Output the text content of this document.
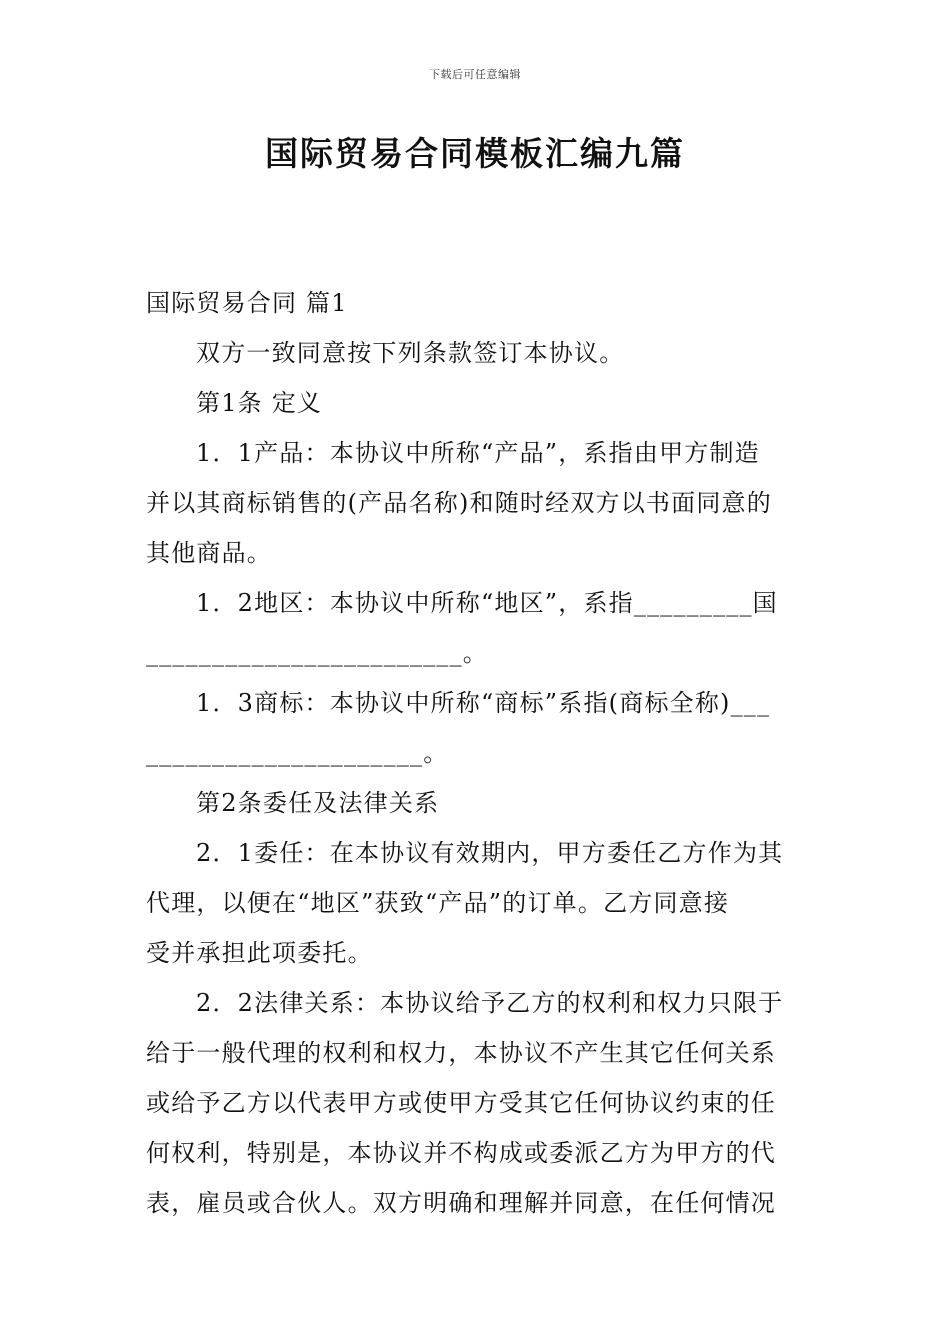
下载后可任意编辑
国际贸易合同模板汇编九篇
国际贸易合同 篇1
双方一致同意按下列条款签订本协议。
第1条 定义
1．1产品：本协议中所称“产品”，系指由甲方制造
并以其商标销售的(产品名称)和随时经双方以书面同意的
其他商品。
1．2地区：本协议中所称“地区”，系指_________国
________________________。
1．3商标：本协议中所称“商标”系指(商标全称)___
_____________________。
第2条委任及法律关系
2．1委任：在本协议有效期内，甲方委任乙方作为其
代理，以便在“地区”获致“产品”的订单。乙方同意接
受并承担此项委托。
2．2法律关系：本协议给予乙方的权利和权力只限于
给于一般代理的权利和权力，本协议不产生其它任何关系
或给予乙方以代表甲方或使甲方受其它任何协议约束的任
何权利，特别是，本协议并不构成或委派乙方为甲方的代
表，雇员或合伙人。双方明确和理解并同意，在任何情况
